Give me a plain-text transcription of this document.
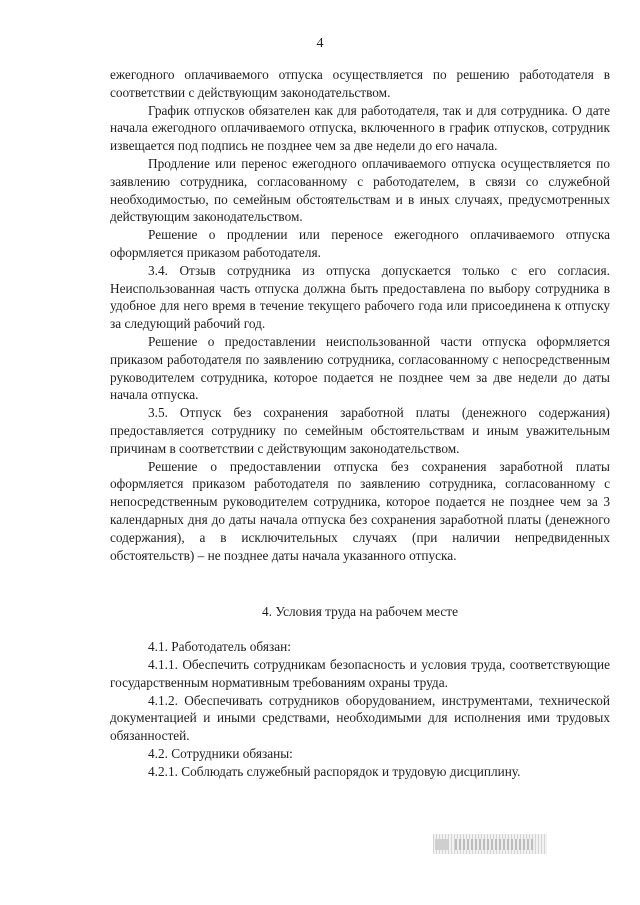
4

ежегодного оплачиваемого отпуска осуществляется по решению работодателя в соответствии с действующим законодательством.

График отпусков обязателен как для работодателя, так и для сотрудника. О дате начала ежегодного оплачиваемого отпуска, включенного в график отпусков, сотрудник извещается под подпись не позднее чем за две недели до его начала.

Продление или перенос ежегодного оплачиваемого отпуска осуществляется по заявлению сотрудника, согласованному с работодателем, в связи со служебной необходимостью, по семейным обстоятельствам и в иных случаях, предусмотренных действующим законодательством.

Решение о продлении или переносе ежегодного оплачиваемого отпуска оформляется приказом работодателя.

3.4. Отзыв сотрудника из отпуска допускается только с его согласия. Неиспользованная часть отпуска должна быть предоставлена по выбору сотрудника в удобное для него время в течение текущего рабочего года или присоединена к отпуску за следующий рабочий год.

Решение о предоставлении неиспользованной части отпуска оформляется приказом работодателя по заявлению сотрудника, согласованному с непосредственным руководителем сотрудника, которое подается не позднее чем за две недели до даты начала отпуска.

3.5. Отпуск без сохранения заработной платы (денежного содержания) предоставляется сотруднику по семейным обстоятельствам и иным уважительным причинам в соответствии с действующим законодательством.

Решение о предоставлении отпуска без сохранения заработной платы оформляется приказом работодателя по заявлению сотрудника, согласованному с непосредственным руководителем сотрудника, которое подается не позднее чем за 3 календарных дня до даты начала отпуска без сохранения заработной платы (денежного содержания), а в исключительных случаях (при наличии непредвиденных обстоятельств) – не позднее даты начала указанного отпуска.

4. Условия труда на рабочем месте

4.1. Работодатель обязан:

4.1.1. Обеспечить сотрудникам безопасность и условия труда, соответствующие государственным нормативным требованиям охраны труда.

4.1.2. Обеспечивать сотрудников оборудованием, инструментами, технической документацией и иными средствами, необходимыми для исполнения ими трудовых обязанностей.

4.2. Сотрудники обязаны:

4.2.1. Соблюдать служебный распорядок и трудовую дисциплину.
